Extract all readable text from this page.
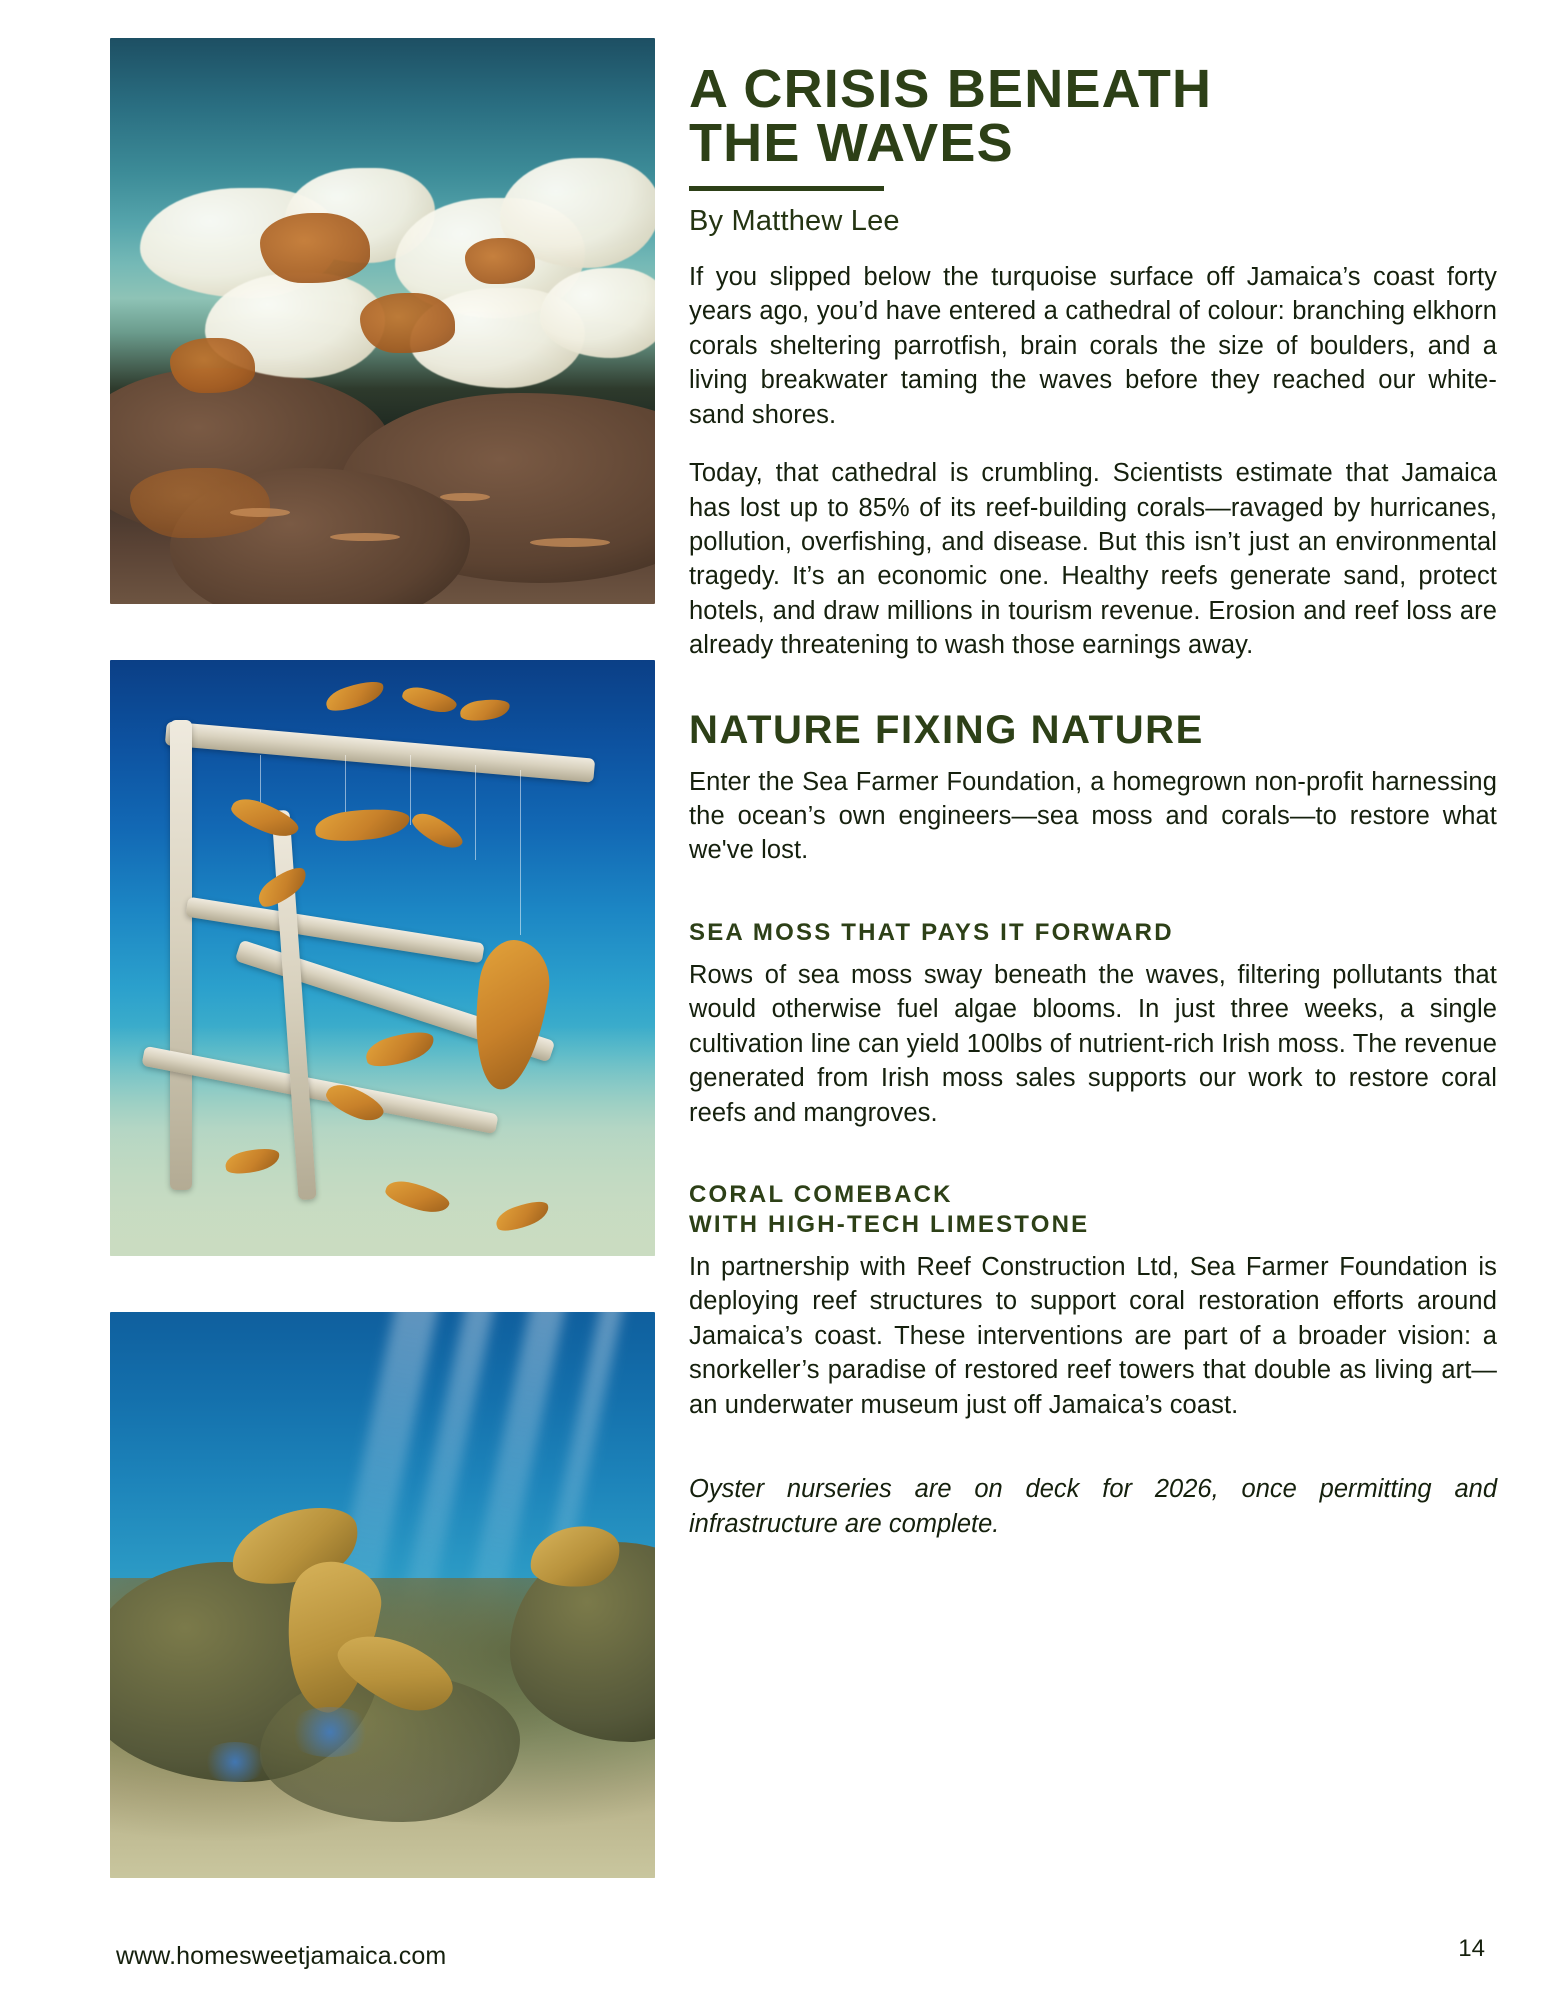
www.homesweetjamaica.com
A CRISIS BENEATH THE WAVES
By Matthew Lee

If you slipped below the turquoise surface off Jamaica’s coast forty years ago, you’d have entered a cathedral of colour: branching elkhorn corals sheltering parrotfish, brain corals the size of boulders, and a living breakwater taming the waves before they reached our white-sand shores.

Today, that cathedral is crumbling. Scientists estimate that Jamaica has lost up to 85% of its reef-building corals—ravaged by hurricanes, pollution, overfishing, and disease. But this isn’t just an environmental tragedy. It’s an economic one. Healthy reefs generate sand, protect hotels, and draw millions in tourism revenue. Erosion and reef loss are already threatening to wash those earnings away.

NATURE FIXING NATURE

Enter the Sea Farmer Foundation, a homegrown non-profit harnessing the ocean’s own engineers—sea moss and corals—to restore what we've lost.

SEA MOSS THAT PAYS IT FORWARD

Rows of sea moss sway beneath the waves, filtering pollutants that would otherwise fuel algae blooms. In just three weeks, a single cultivation line can yield 100lbs of nutrient-rich Irish moss. The revenue generated from Irish moss sales supports our work to restore coral reefs and mangroves.

CORAL COMEBACK
WITH HIGH-TECH LIMESTONE

In partnership with Reef Construction Ltd, Sea Farmer Foundation is deploying reef structures to support coral restoration efforts around Jamaica’s coast. These interventions are part of a broader vision: a snorkeller’s paradise of restored reef towers that double as living art—an underwater museum just off Jamaica’s coast.

Oyster nurseries are on deck for 2026, once permitting and infrastructure are complete.

14
